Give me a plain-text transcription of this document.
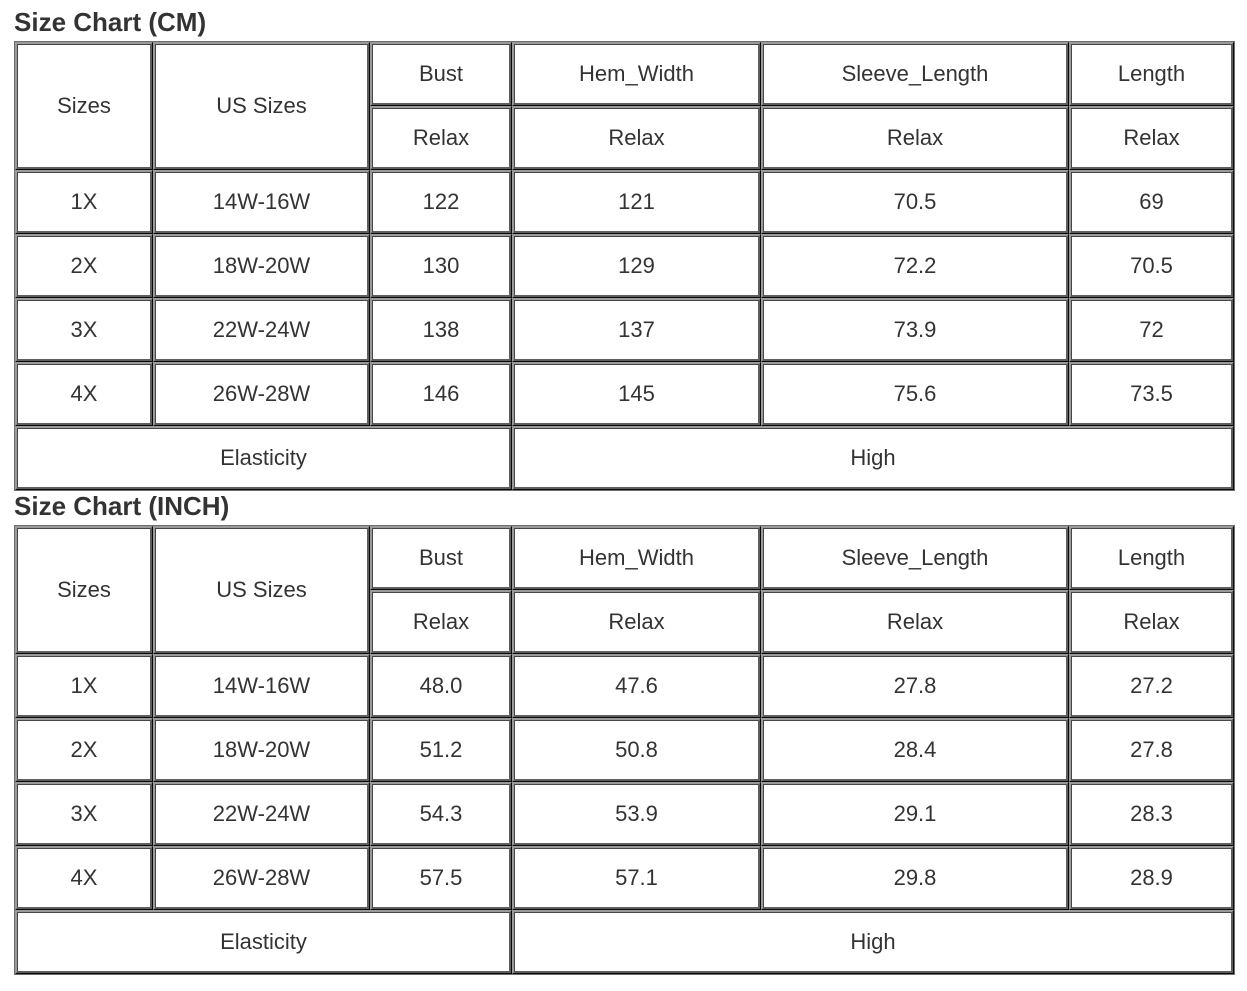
Size Chart (CM)
Sizes	US Sizes	Bust	Hem_Width	Sleeve_Length	Length
		Relax	Relax	Relax	Relax
1X	14W-16W	122	121	70.5	69
2X	18W-20W	130	129	72.2	70.5
3X	22W-24W	138	137	73.9	72
4X	26W-28W	146	145	75.6	73.5
Elasticity			High		
Size Chart (INCH)
Sizes	US Sizes	Bust	Hem_Width	Sleeve_Length	Length
		Relax	Relax	Relax	Relax
1X	14W-16W	48.0	47.6	27.8	27.2
2X	18W-20W	51.2	50.8	28.4	27.8
3X	22W-24W	54.3	53.9	29.1	28.3
4X	26W-28W	57.5	57.1	29.8	28.9
Elasticity			High		
